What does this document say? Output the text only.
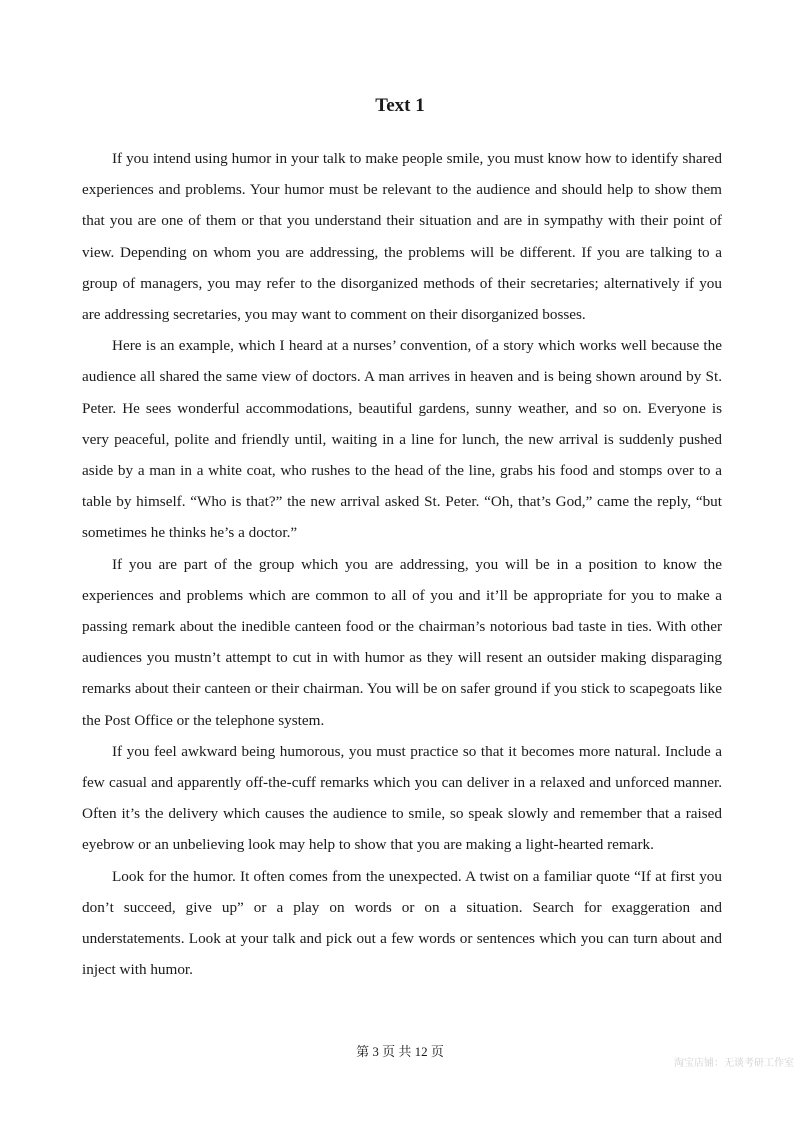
Text 1

If you intend using humor in your talk to make people smile, you must know how to identify shared experiences and problems. Your humor must be relevant to the audience and should help to show them that you are one of them or that you understand their situation and are in sympathy with their point of view. Depending on whom you are addressing, the problems will be different. If you are talking to a group of managers, you may refer to the disorganized methods of their secretaries; alternatively if you are addressing secretaries, you may want to comment on their disorganized bosses.

Here is an example, which I heard at a nurses’ convention, of a story which works well because the audience all shared the same view of doctors. A man arrives in heaven and is being shown around by St. Peter. He sees wonderful accommodations, beautiful gardens, sunny weather, and so on. Everyone is very peaceful, polite and friendly until, waiting in a line for lunch, the new arrival is suddenly pushed aside by a man in a white coat, who rushes to the head of the line, grabs his food and stomps over to a table by himself. “Who is that?” the new arrival asked St. Peter. “Oh, that’s God,” came the reply, “but sometimes he thinks he’s a doctor.”

If you are part of the group which you are addressing, you will be in a position to know the experiences and problems which are common to all of you and it’ll be appropriate for you to make a passing remark about the inedible canteen food or the chairman’s notorious bad taste in ties. With other audiences you mustn’t attempt to cut in with humor as they will resent an outsider making disparaging remarks about their canteen or their chairman. You will be on safer ground if you stick to scapegoats like the Post Office or the telephone system.

If you feel awkward being humorous, you must practice so that it becomes more natural. Include a few casual and apparently off-the-cuff remarks which you can deliver in a relaxed and unforced manner. Often it’s the delivery which causes the audience to smile, so speak slowly and remember that a raised eyebrow or an unbelieving look may help to show that you are making a light-hearted remark.

Look for the humor. It often comes from the unexpected. A twist on a familiar quote “If at first you don’t succeed, give up” or a play on words or on a situation. Search for exaggeration and understatements. Look at your talk and pick out a few words or sentences which you can turn about and inject with humor.

第 3 页 共 12 页
淘宝店铺：无谈考研工作室
